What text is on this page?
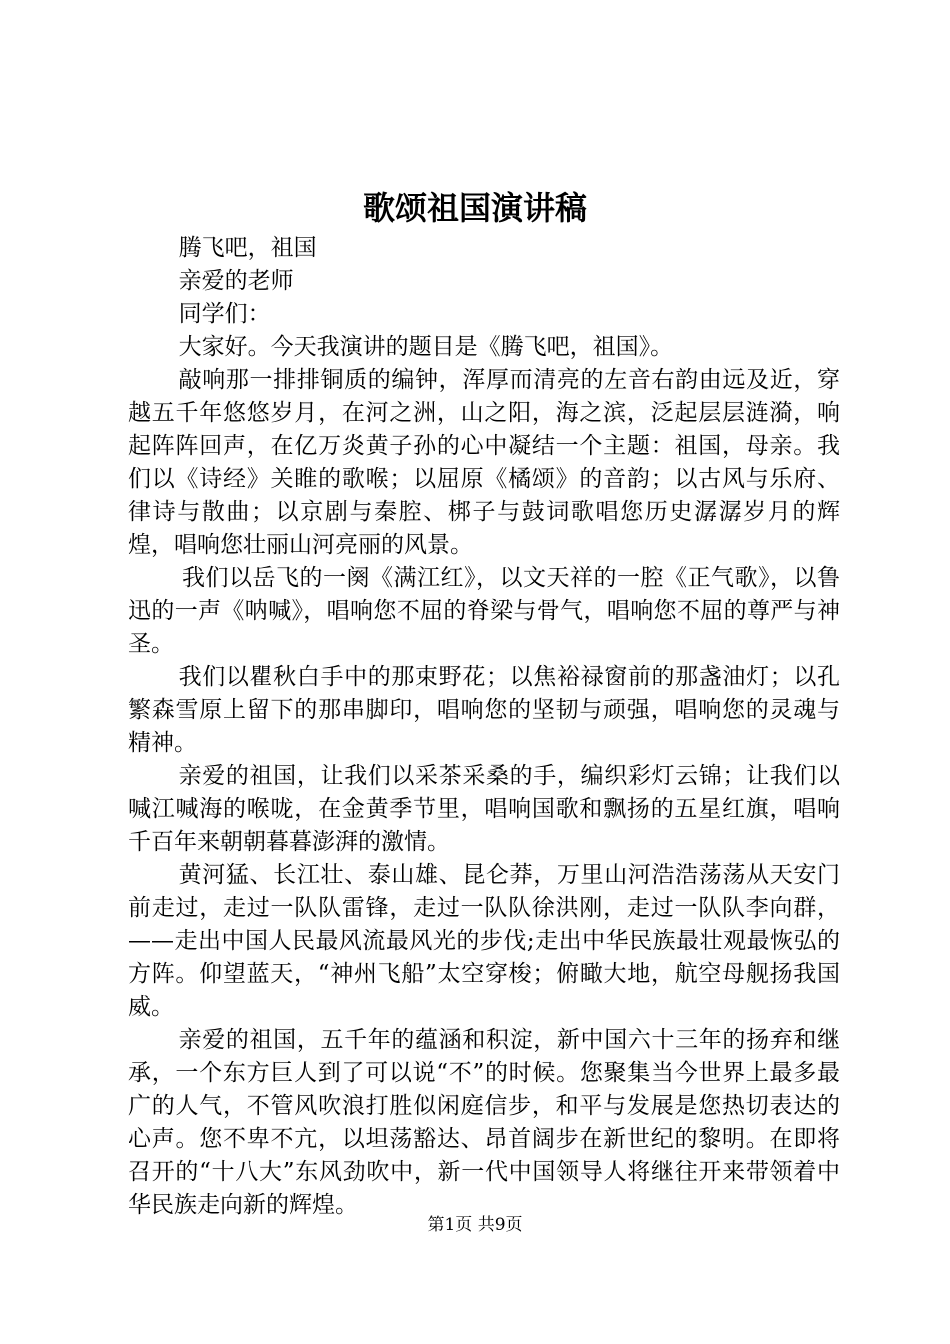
歌颂祖国演讲稿

腾飞吧，祖国

亲爱的老师

同学们：

大家好。今天我演讲的题目是《腾飞吧，祖国》。

敲响那一排排铜质的编钟，浑厚而清亮的左音右韵由远及近，穿越五千年悠悠岁月，在河之洲，山之阳，海之滨，泛起层层涟漪，响起阵阵回声，在亿万炎黄子孙的心中凝结一个主题：祖国，母亲。我们以《诗经》关睢的歌喉；以屈原《橘颂》的音韵；以古风与乐府、律诗与散曲；以京剧与秦腔、梆子与鼓词歌唱您历史潺潺岁月的辉煌，唱响您壮丽山河亮丽的风景。

我们以岳飞的一阕《满江红》，以文天祥的一腔《正气歌》，以鲁迅的一声《呐喊》，唱响您不屈的脊梁与骨气，唱响您不屈的尊严与神圣。

我们以瞿秋白手中的那束野花；以焦裕禄窗前的那盏油灯；以孔繁森雪原上留下的那串脚印，唱响您的坚韧与顽强，唱响您的灵魂与精神。

亲爱的祖国，让我们以采茶采桑的手，编织彩灯云锦；让我们以喊江喊海的喉咙，在金黄季节里，唱响国歌和飘扬的五星红旗，唱响千百年来朝朝暮暮澎湃的激情。

黄河猛、长江壮、泰山雄、昆仑莽，万里山河浩浩荡荡从天安门前走过，走过一队队雷锋，走过一队队徐洪刚，走过一队队李向群，——走出中国人民最风流最风光的步伐;走出中华民族最壮观最恢弘的方阵。仰望蓝天，“神州飞船”太空穿梭；俯瞰大地，航空母舰扬我国威。

亲爱的祖国，五千年的蕴涵和积淀，新中国六十三年的扬弃和继承，一个东方巨人到了可以说“不”的时候。您聚集当今世界上最多最广的人气，不管风吹浪打胜似闲庭信步，和平与发展是您热切表达的心声。您不卑不亢，以坦荡豁达、昂首阔步在新世纪的黎明。在即将召开的“十八大”东风劲吹中，新一代中国领导人将继往开来带领着中华民族走向新的辉煌。

第1页 共9页
